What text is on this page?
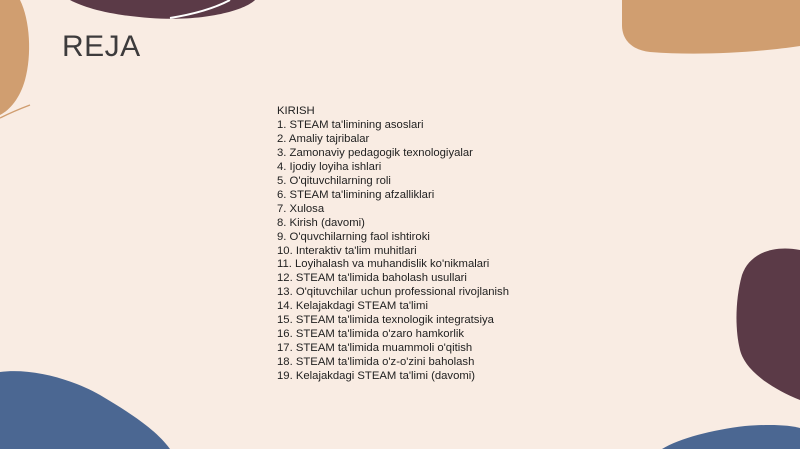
REJA
KIRISH
1. STEAM ta'limining asoslari
2. Amaliy tajribalar
3. Zamonaviy pedagogik texnologiyalar
4. Ijodiy loyiha ishlari
5. O'qituvchilarning roli
6. STEAM ta'limining afzalliklari
7. Xulosa
8. Kirish (davomi)
9. O'quvchilarning faol ishtiroki
10. Interaktiv ta'lim muhitlari
11. Loyihalash va muhandislik ko'nikmalari
12. STEAM ta'limida baholash usullari
13. O'qituvchilar uchun professional rivojlanish
14. Kelajakdagi STEAM ta'limi
15. STEAM ta'limida texnologik integratsiya
16. STEAM ta'limida o'zaro hamkorlik
17. STEAM ta'limida muammoli o'qitish
18. STEAM ta'limida o'z-o'zini baholash
19. Kelajakdagi STEAM ta'limi (davomi)
